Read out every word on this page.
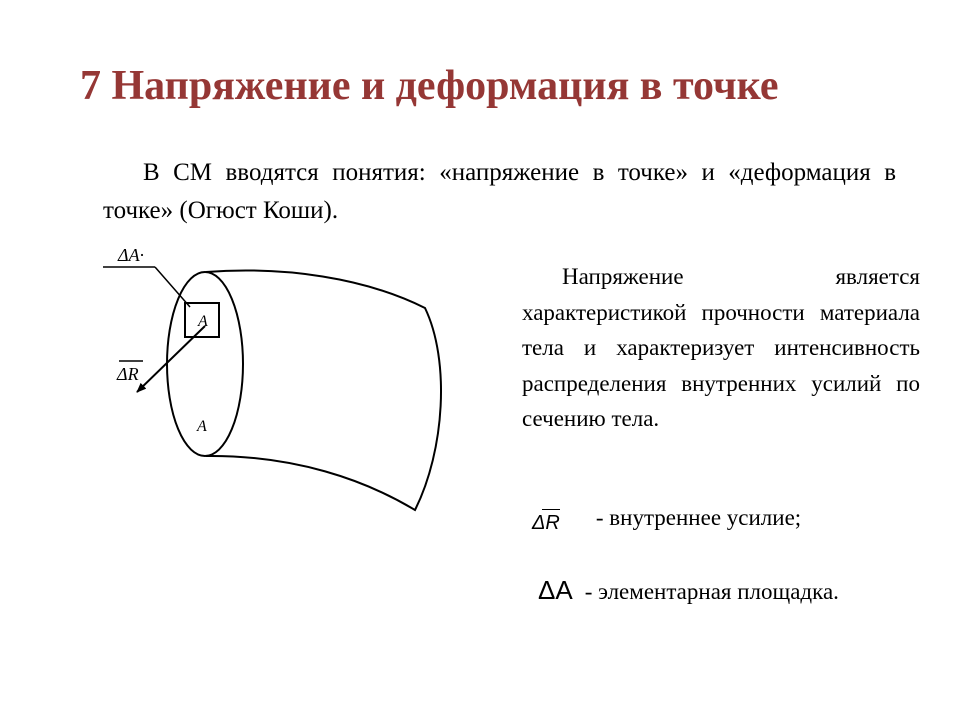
7 Напряжение и деформация в точке
В СМ вводятся понятия: «напряжение в точке» и «деформация в точке» (Огюст Коши).
A
A
ΔA·
ΔR
Напряжение является характеристикой прочности материала тела и характеризует интенсивность распределения внутренних усилий по сечению тела.
ΔR - внутреннее усилие;
ΔA - элементарная площадка.
